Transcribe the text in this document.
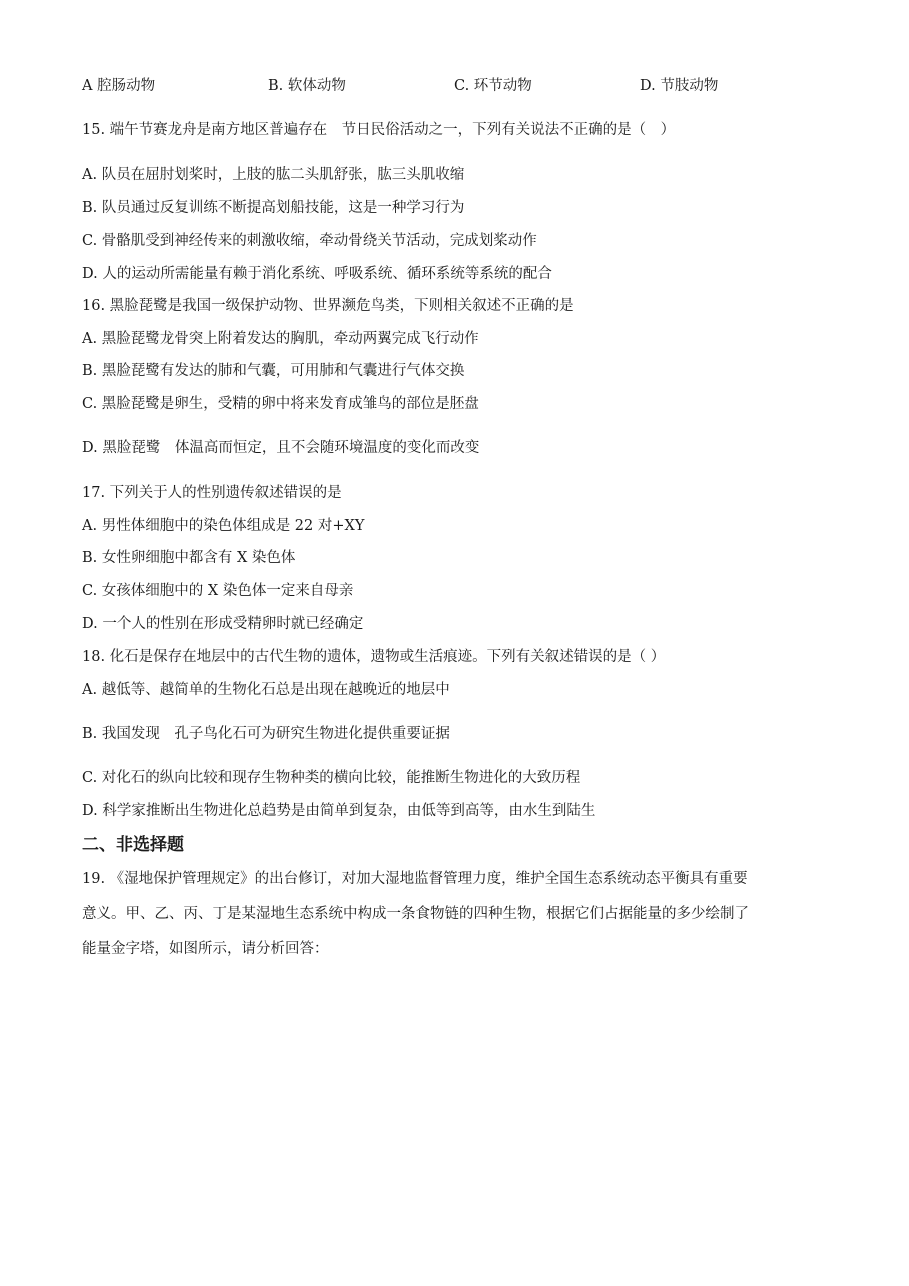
A 腔肠动物	B. 软体动物	C. 环节动物	D. 节肢动物
15. 端午节赛龙舟是南方地区普遍存在　节日民俗活动之一，下列有关说法不正确的是（　）
A. 队员在屈肘划桨时，上肢的肱二头肌舒张，肱三头肌收缩
B. 队员通过反复训练不断提高划船技能，这是一种学习行为
C. 骨骼肌受到神经传来的刺激收缩，牵动骨绕关节活动，完成划桨动作
D. 人的运动所需能量有赖于消化系统、呼吸系统、循环系统等系统的配合
16. 黑脸琵鹭是我国一级保护动物、世界濒危鸟类，下则相关叙述不正确的是
A. 黑脸琵鹭龙骨突上附着发达的胸肌，牵动两翼完成飞行动作
B. 黑脸琵鹭有发达的肺和气囊，可用肺和气囊进行气体交换
C. 黑脸琵鹭是卵生，受精的卵中将来发育成雏鸟的部位是胚盘
D. 黑脸琵鹭　体温高而恒定，且不会随环境温度的变化而改变
17. 下列关于人的性别遗传叙述错误的是
A. 男性体细胞中的染色体组成是 22 对+XY
B. 女性卵细胞中都含有 X 染色体
C. 女孩体细胞中的 X 染色体一定来自母亲
D. 一个人的性别在形成受精卵时就已经确定
18. 化石是保存在地层中的古代生物的遗体，遗物或生活痕迹。下列有关叙述错误的是（ ）
A. 越低等、越简单的生物化石总是出现在越晚近的地层中
B. 我国发现　孔子鸟化石可为研究生物进化提供重要证据
C. 对化石的纵向比较和现存生物种类的横向比较，能推断生物进化的大致历程
D. 科学家推断出生物进化总趋势是由简单到复杂，由低等到高等，由水生到陆生
二、非选择题
19. 《湿地保护管理规定》的出台修订，对加大湿地监督管理力度，维护全国生态系统动态平衡具有重要
意义。甲、乙、丙、丁是某湿地生态系统中构成一条食物链的四种生物，根据它们占据能量的多少绘制了
能量金字塔，如图所示，请分析回答：
